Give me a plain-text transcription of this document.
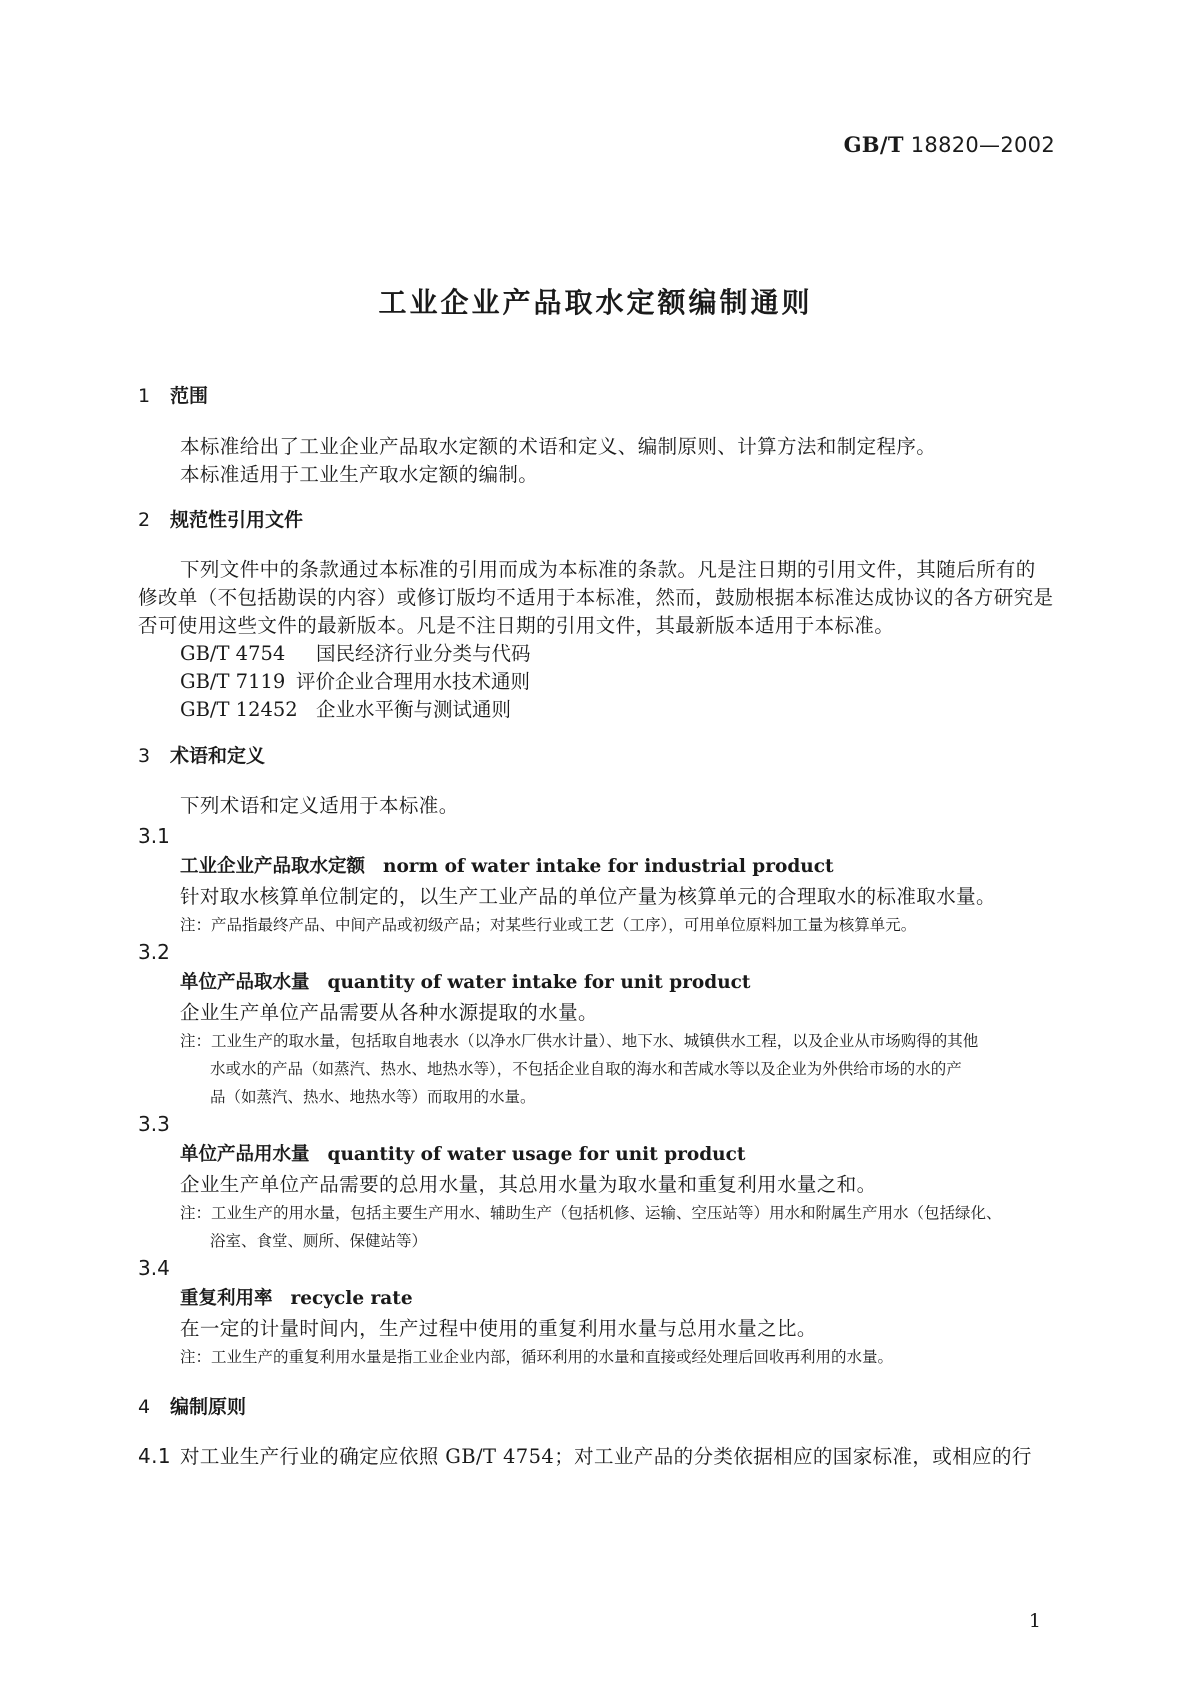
GB/T 18820—2002
工业企业产品取水定额编制通则
1 范围
本标准给出了工业企业产品取水定额的术语和定义、编制原则、计算方法和制定程序。
本标准适用于工业生产取水定额的编制。
2 规范性引用文件
下列文件中的条款通过本标准的引用而成为本标准的条款。凡是注日期的引用文件，其随后所有的
修改单（不包括勘误的内容）或修订版均不适用于本标准，然而，鼓励根据本标准达成协议的各方研究是
否可使用这些文件的最新版本。凡是不注日期的引用文件，其最新版本适用于本标准。
GB/T 4754 国民经济行业分类与代码
GB/T 7119 评价企业合理用水技术通则
GB/T 12452 企业水平衡与测试通则
3 术语和定义
下列术语和定义适用于本标准。
3.1
工业企业产品取水定额 norm of water intake for industrial product
针对取水核算单位制定的，以生产工业产品的单位产量为核算单元的合理取水的标准取水量。
注：产品指最终产品、中间产品或初级产品；对某些行业或工艺（工序），可用单位原料加工量为核算单元。
3.2
单位产品取水量 quantity of water intake for unit product
企业生产单位产品需要从各种水源提取的水量。
注：工业生产的取水量，包括取自地表水（以净水厂供水计量）、地下水、城镇供水工程，以及企业从市场购得的其他
水或水的产品（如蒸汽、热水、地热水等），不包括企业自取的海水和苦咸水等以及企业为外供给市场的水的产
品（如蒸汽、热水、地热水等）而取用的水量。
3.3
单位产品用水量 quantity of water usage for unit product
企业生产单位产品需要的总用水量，其总用水量为取水量和重复利用水量之和。
注：工业生产的用水量，包括主要生产用水、辅助生产（包括机修、运输、空压站等）用水和附属生产用水（包括绿化、
浴室、食堂、厕所、保健站等）
3.4
重复利用率 recycle rate
在一定的计量时间内，生产过程中使用的重复利用水量与总用水量之比。
注：工业生产的重复利用水量是指工业企业内部，循环利用的水量和直接或经处理后回收再利用的水量。
4 编制原则
4.1 对工业生产行业的确定应依照 GB/T 4754；对工业产品的分类依据相应的国家标准，或相应的行
1
